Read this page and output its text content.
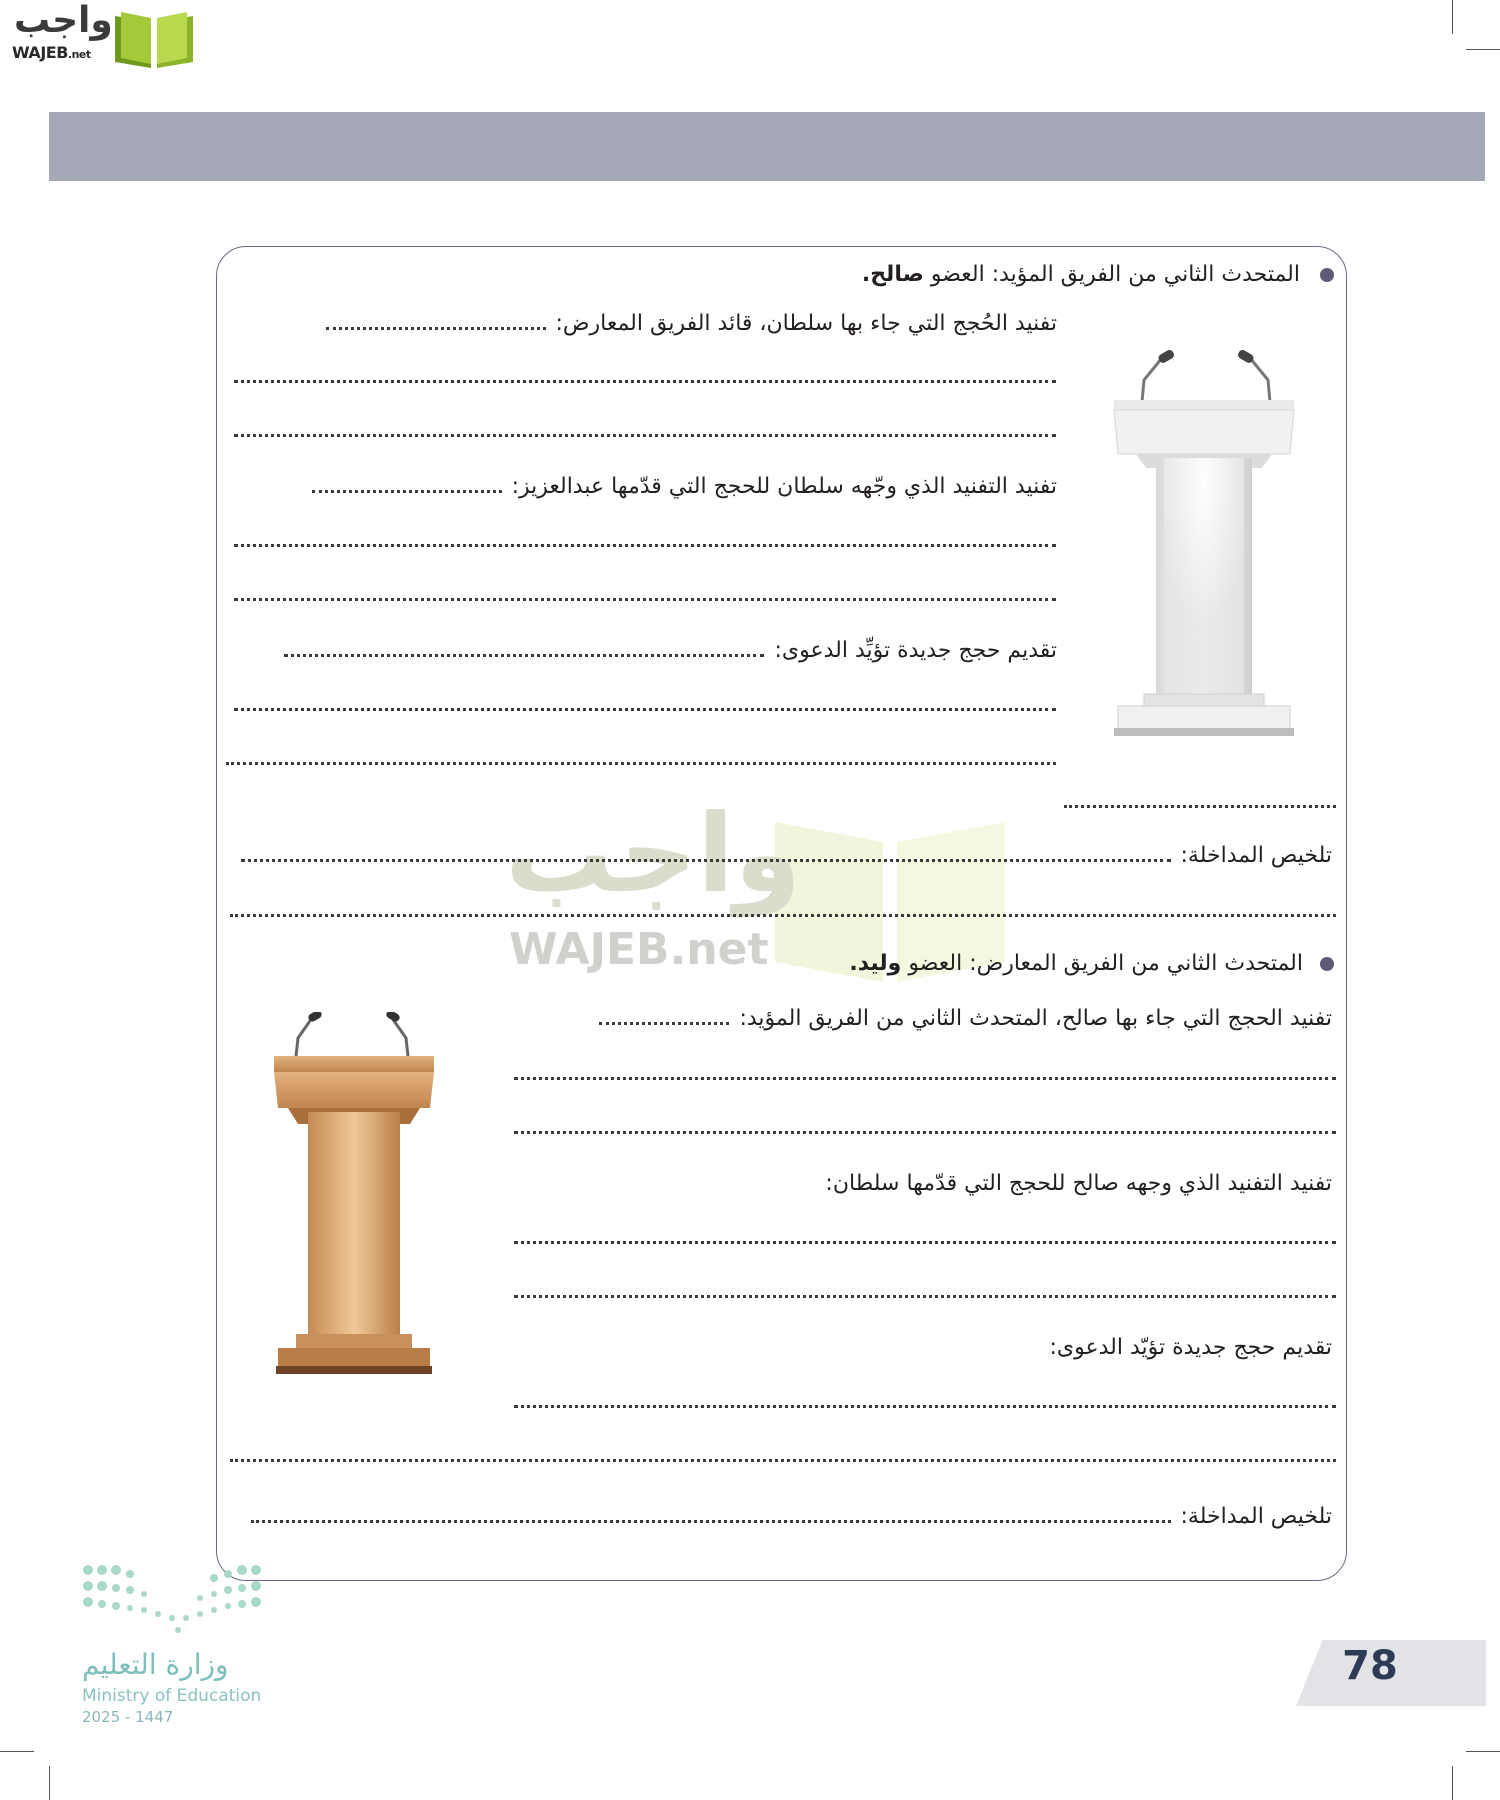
واجب
WAJEB.net
واجب
WAJEB.net
المتحدث الثاني من الفريق المؤيد: العضو صالح.
تفنيد الحُجج التي جاء بها سلطان، قائد الفريق المعارض:
تفنيد التفنيد الذي وجّهه سلطان للحجج التي قدّمها عبدالعزيز:
تقديم حجج جديدة تؤيِّد الدعوى:
تلخيص المداخلة:
المتحدث الثاني من الفريق المعارض: العضو وليد.
تفنيد الحجج التي جاء بها صالح، المتحدث الثاني من الفريق المؤيد:
تفنيد التفنيد الذي وجهه صالح للحجج التي قدّمها سلطان:
تقديم حجج جديدة تؤيّد الدعوى:
تلخيص المداخلة:
وزارة التعليم
Ministry of Education
2025 - 1447
78
